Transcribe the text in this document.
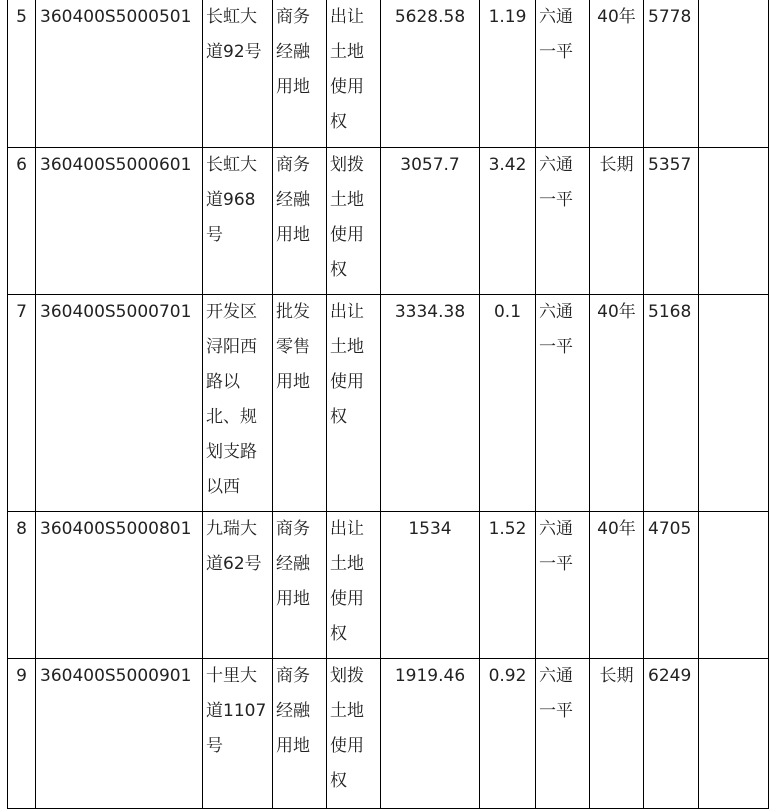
5	360400S5000501	长虹大道92号	商务经融用地	出让土地使用权	5628.58	1.19	六通一平	40年	5778	
6	360400S5000601	长虹大道968号	商务经融用地	划拨土地使用权	3057.7	3.42	六通一平	长期	5357	
7	360400S5000701	开发区浔阳西路以北、规划支路以西	批发零售用地	出让土地使用权	3334.38	0.1	六通一平	40年	5168	
8	360400S5000801	九瑞大道62号	商务经融用地	出让土地使用权	1534	1.52	六通一平	40年	4705	
9	360400S5000901	十里大道1107号	商务经融用地	划拨土地使用权	1919.46	0.92	六通一平	长期	6249	
